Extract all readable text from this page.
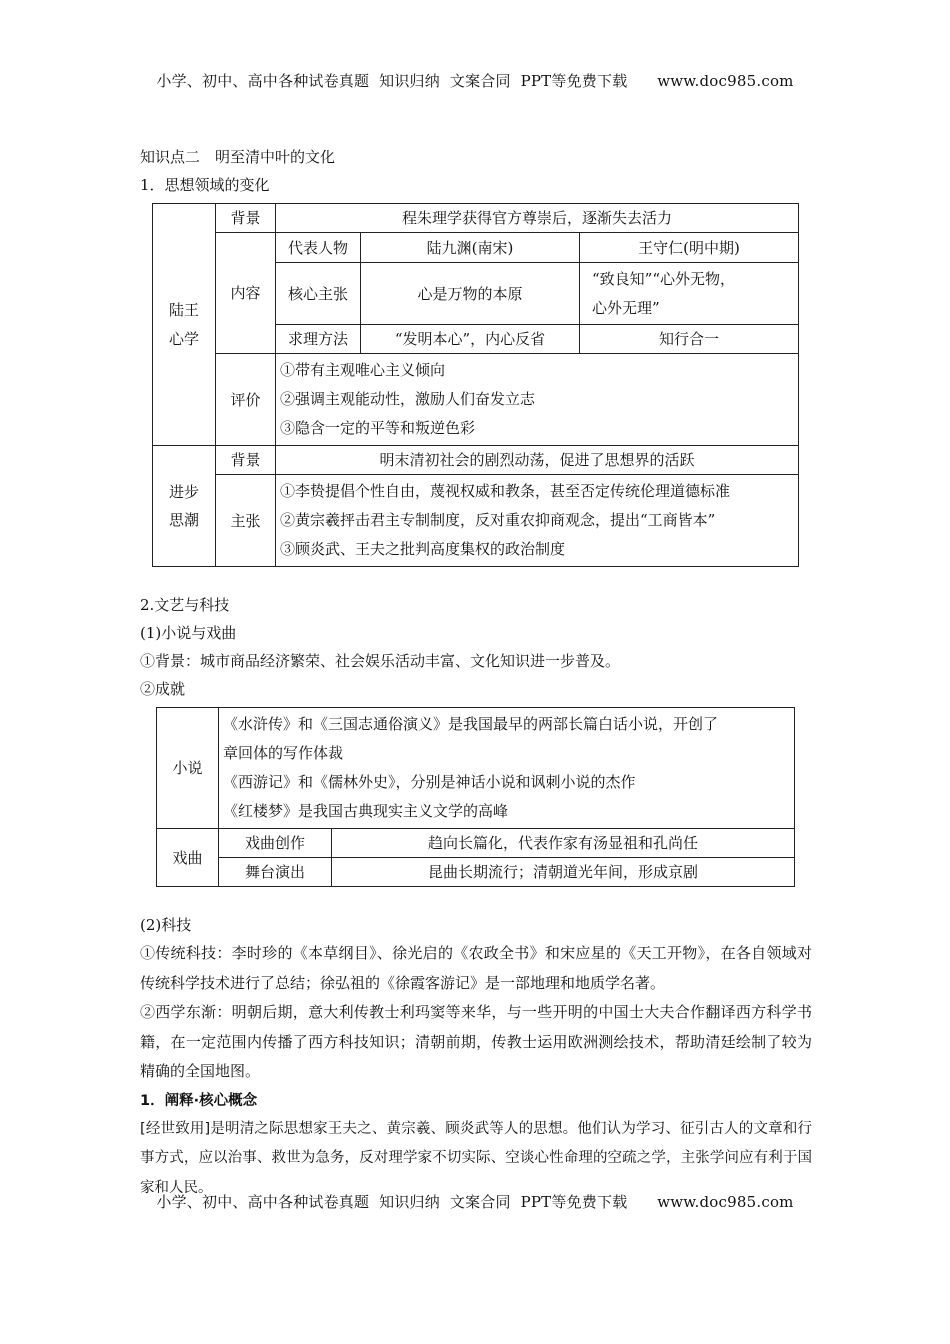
小学、初中、高中各种试卷真题  知识归纳  文案合同  PPT等免费下载      www.doc985.com
知识点二　明至清中叶的文化
1．思想领域的变化
陆王
心学	背景	程朱理学获得官方尊崇后，逐渐失去活力		
	内容	代表人物	陆九渊(南宋)	王守仁(明中期)
		核心主张	心是万物的本原	“致良知”“心外无物，
心外无理”

		求理方法	“发明本心”，内心反省	知行合一
	评价	①带有主观唯心主义倾向
②强调主观能动性，激励人们奋发立志
③隐含一定的平等和叛逆色彩		

进步
思潮	背景	明末清初社会的剧烈动荡，促进了思想界的活跃		
	主张	①李贽提倡个性自由，蔑视权威和教条，甚至否定传统伦理道德标准
②黄宗羲抨击君主专制制度，反对重农抑商观念，提出“工商皆本”
③顾炎武、王夫之批判高度集权的政治制度		
2.文艺与科技
(1)小说与戏曲
①背景：城市商品经济繁荣、社会娱乐活动丰富、文化知识进一步普及。
②成就
小说	《水浒传》和《三国志通俗演义》是我国最早的两部长篇白话小说，开创了
章回体的写作体裁
《西游记》和《儒林外史》，分别是神话小说和讽刺小说的杰作
《红楼梦》是我国古典现实主义文学的高峰	

戏曲	戏曲创作	趋向长篇化，代表作家有汤显祖和孔尚任
	舞台演出	昆曲长期流行；清朝道光年间，形成京剧
(2)科技
①传统科技：李时珍的《本草纲目》、徐光启的《农政全书》和宋应星的《天工开物》，在各自领域对传统科学技术进行了总结；徐弘祖的《徐霞客游记》是一部地理和地质学名著。
②西学东渐：明朝后期，意大利传教士利玛窦等来华，与一些开明的中国士大夫合作翻译西方科学书籍，在一定范围内传播了西方科技知识；清朝前期，传教士运用欧洲测绘技术，帮助清廷绘制了较为精确的全国地图。
1．阐释·核心概念
[经世致用]是明清之际思想家王夫之、黄宗羲、顾炎武等人的思想。他们认为学习、征引古人的文章和行事方式，应以治事、救世为急务，反对理学家不切实际、空谈心性命理的空疏之学，主张学问应有利于国家和人民。
小学、初中、高中各种试卷真题  知识归纳  文案合同  PPT等免费下载      www.doc985.com
